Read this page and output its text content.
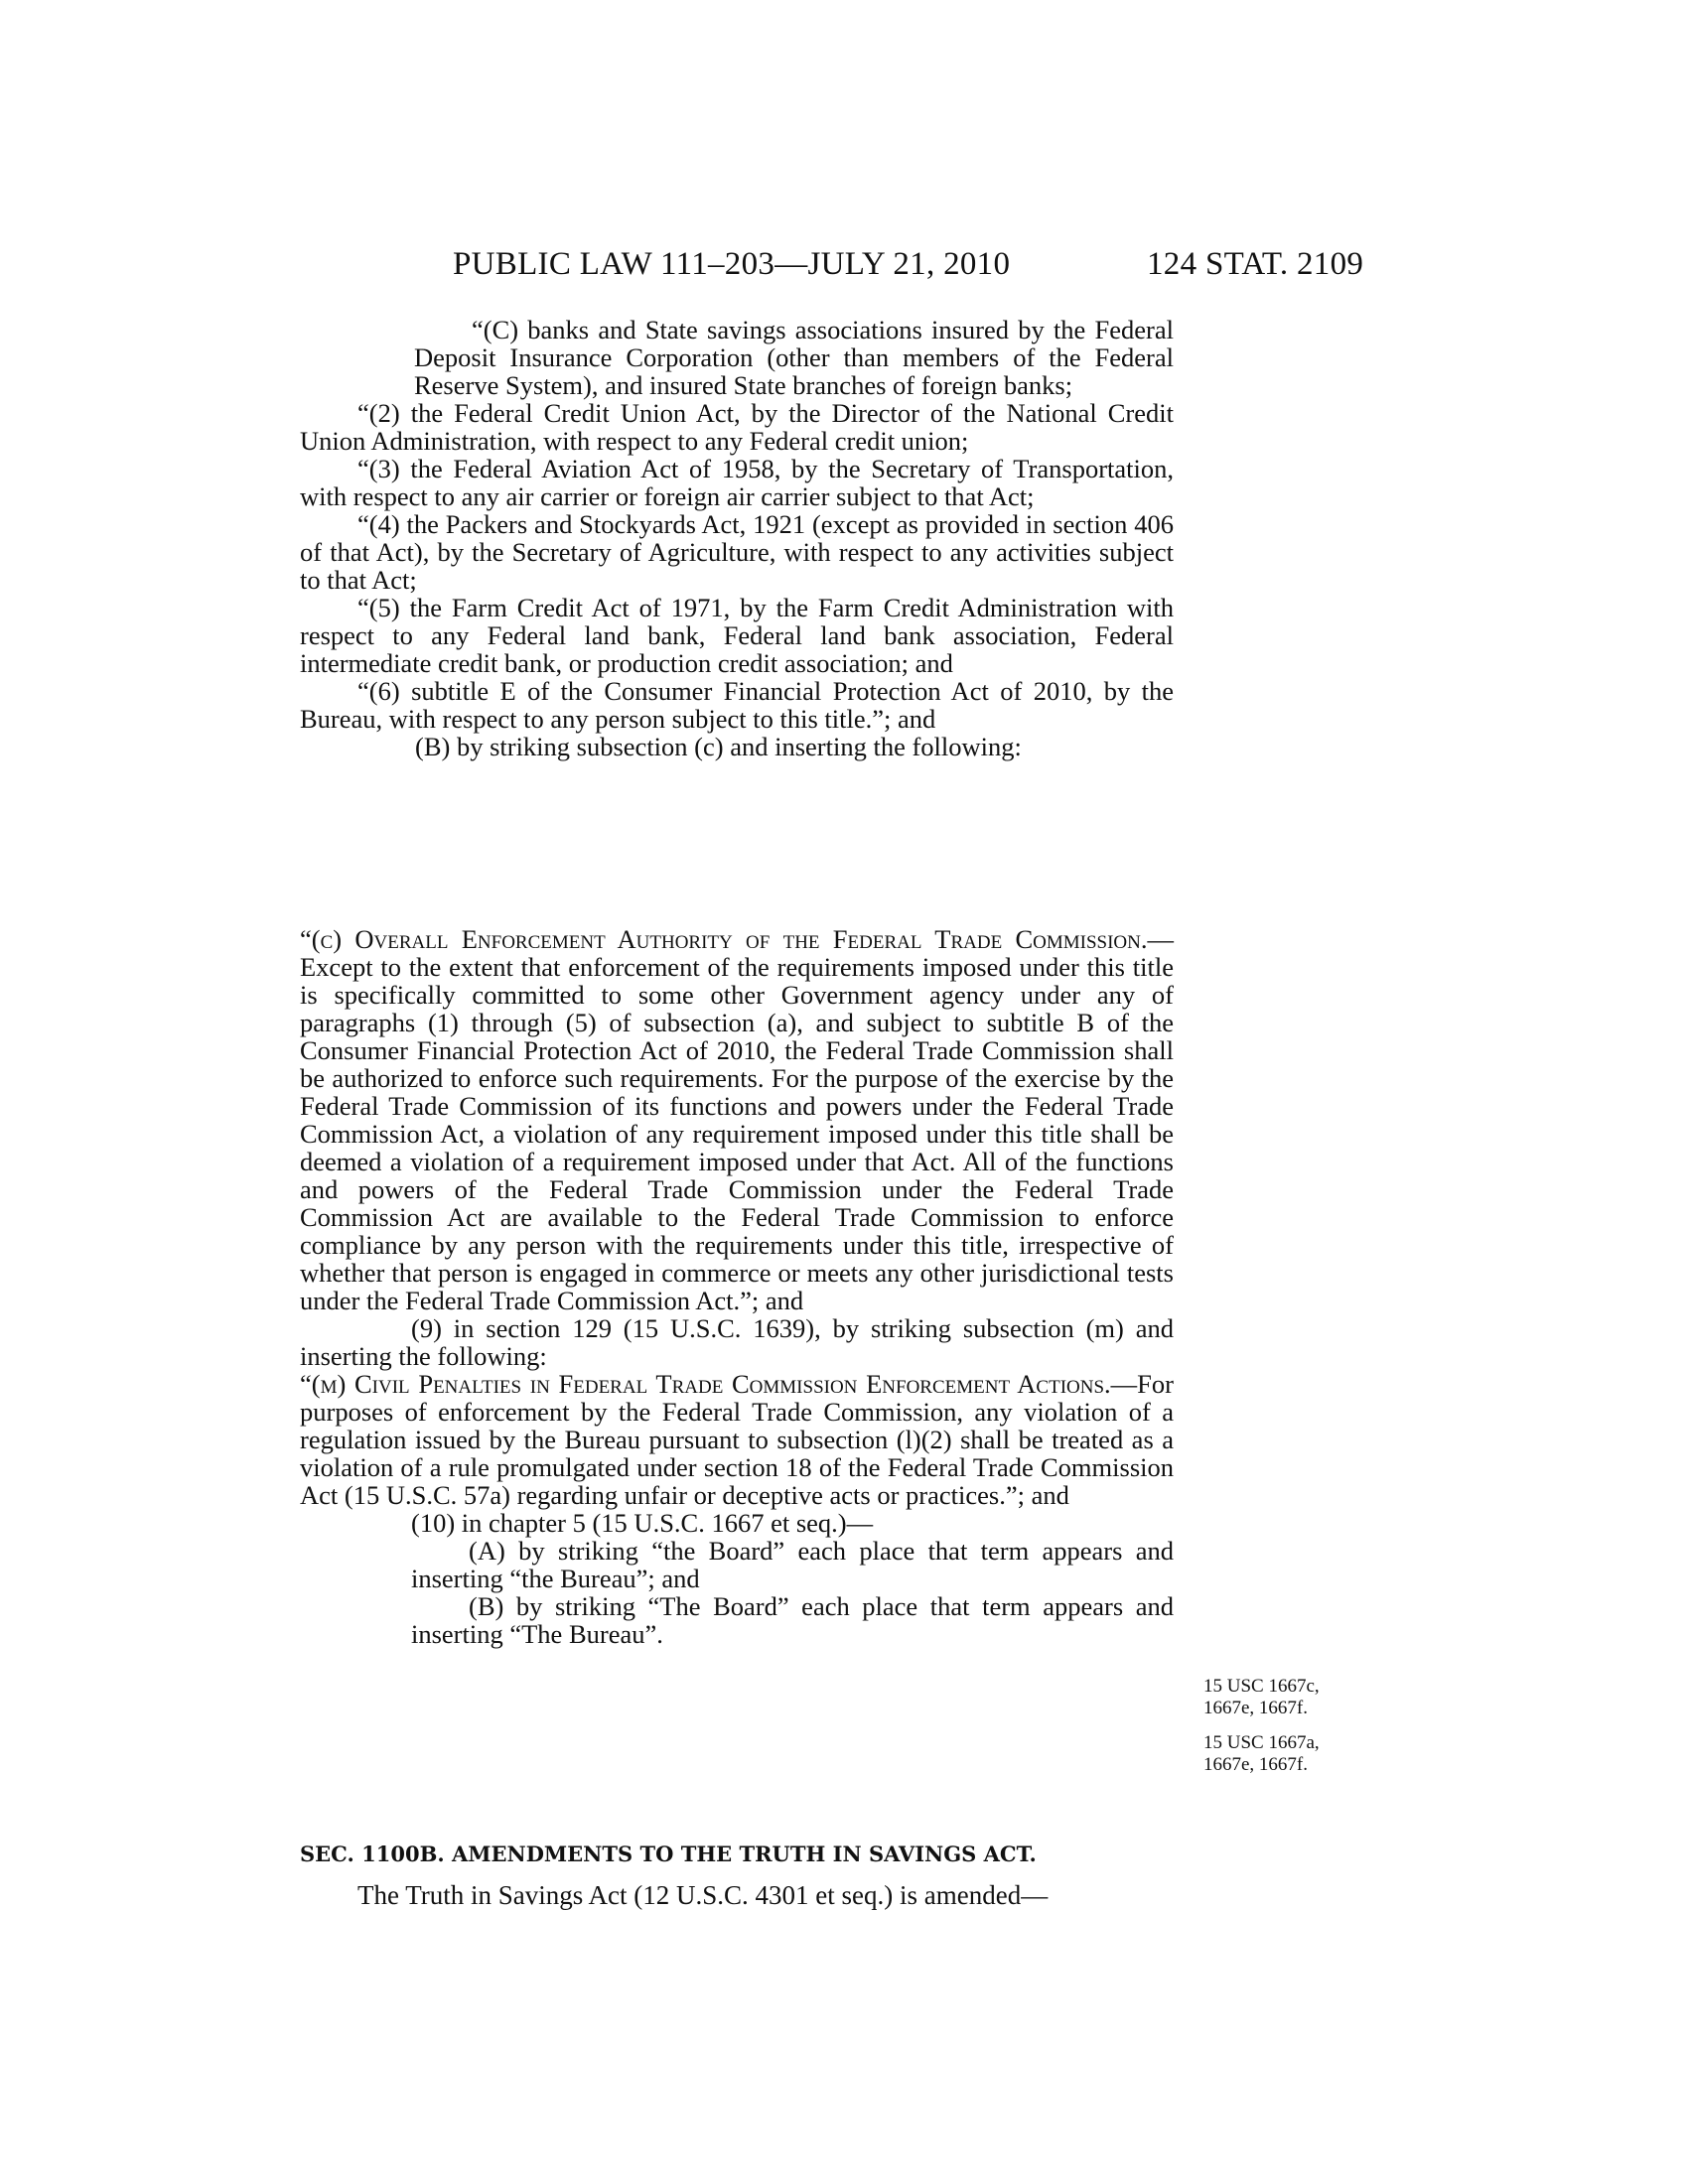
PUBLIC LAW 111–203—JULY 21, 2010	124 STAT. 2109

“(C) banks and State savings associations insured by the Federal Deposit Insurance Corporation (other than members of the Federal Reserve System), and insured State branches of foreign banks;

“(2) the Federal Credit Union Act, by the Director of the National Credit Union Administration, with respect to any Federal credit union;

“(3) the Federal Aviation Act of 1958, by the Secretary of Transportation, with respect to any air carrier or foreign air carrier subject to that Act;

“(4) the Packers and Stockyards Act, 1921 (except as provided in section 406 of that Act), by the Secretary of Agriculture, with respect to any activities subject to that Act;

“(5) the Farm Credit Act of 1971, by the Farm Credit Administration with respect to any Federal land bank, Federal land bank association, Federal intermediate credit bank, or production credit association; and

“(6) subtitle E of the Consumer Financial Protection Act of 2010, by the Bureau, with respect to any person subject to this title.”; and

(B) by striking subsection (c) and inserting the following:

“(c) Overall Enforcement Authority of the Federal Trade Commission.—Except to the extent that enforcement of the requirements imposed under this title is specifically committed to some other Government agency under any of paragraphs (1) through (5) of subsection (a), and subject to subtitle B of the Consumer Financial Protection Act of 2010, the Federal Trade Commission shall be authorized to enforce such requirements. For the purpose of the exercise by the Federal Trade Commission of its functions and powers under the Federal Trade Commission Act, a violation of any requirement imposed under this title shall be deemed a violation of a requirement imposed under that Act. All of the functions and powers of the Federal Trade Commission under the Federal Trade Commission Act are available to the Federal Trade Commission to enforce compliance by any person with the requirements under this title, irrespective of whether that person is engaged in commerce or meets any other jurisdictional tests under the Federal Trade Commission Act.”; and

(9) in section 129 (15 U.S.C. 1639), by striking subsection (m) and inserting the following:

“(m) Civil Penalties in Federal Trade Commission Enforcement Actions.—For purposes of enforcement by the Federal Trade Commission, any violation of a regulation issued by the Bureau pursuant to subsection (l)(2) shall be treated as a violation of a rule promulgated under section 18 of the Federal Trade Commission Act (15 U.S.C. 57a) regarding unfair or deceptive acts or practices.”; and

(10) in chapter 5 (15 U.S.C. 1667 et seq.)—

(A) by striking “the Board” each place that term appears and inserting “the Bureau”; and

(B) by striking “The Board” each place that term appears and inserting “The Bureau”.

15 USC 1667c,
1667e, 1667f.
15 USC 1667a,
1667e, 1667f.
SEC. 1100B. AMENDMENTS TO THE TRUTH IN SAVINGS ACT.
The Truth in Savings Act (12 U.S.C. 4301 et seq.) is amended—
